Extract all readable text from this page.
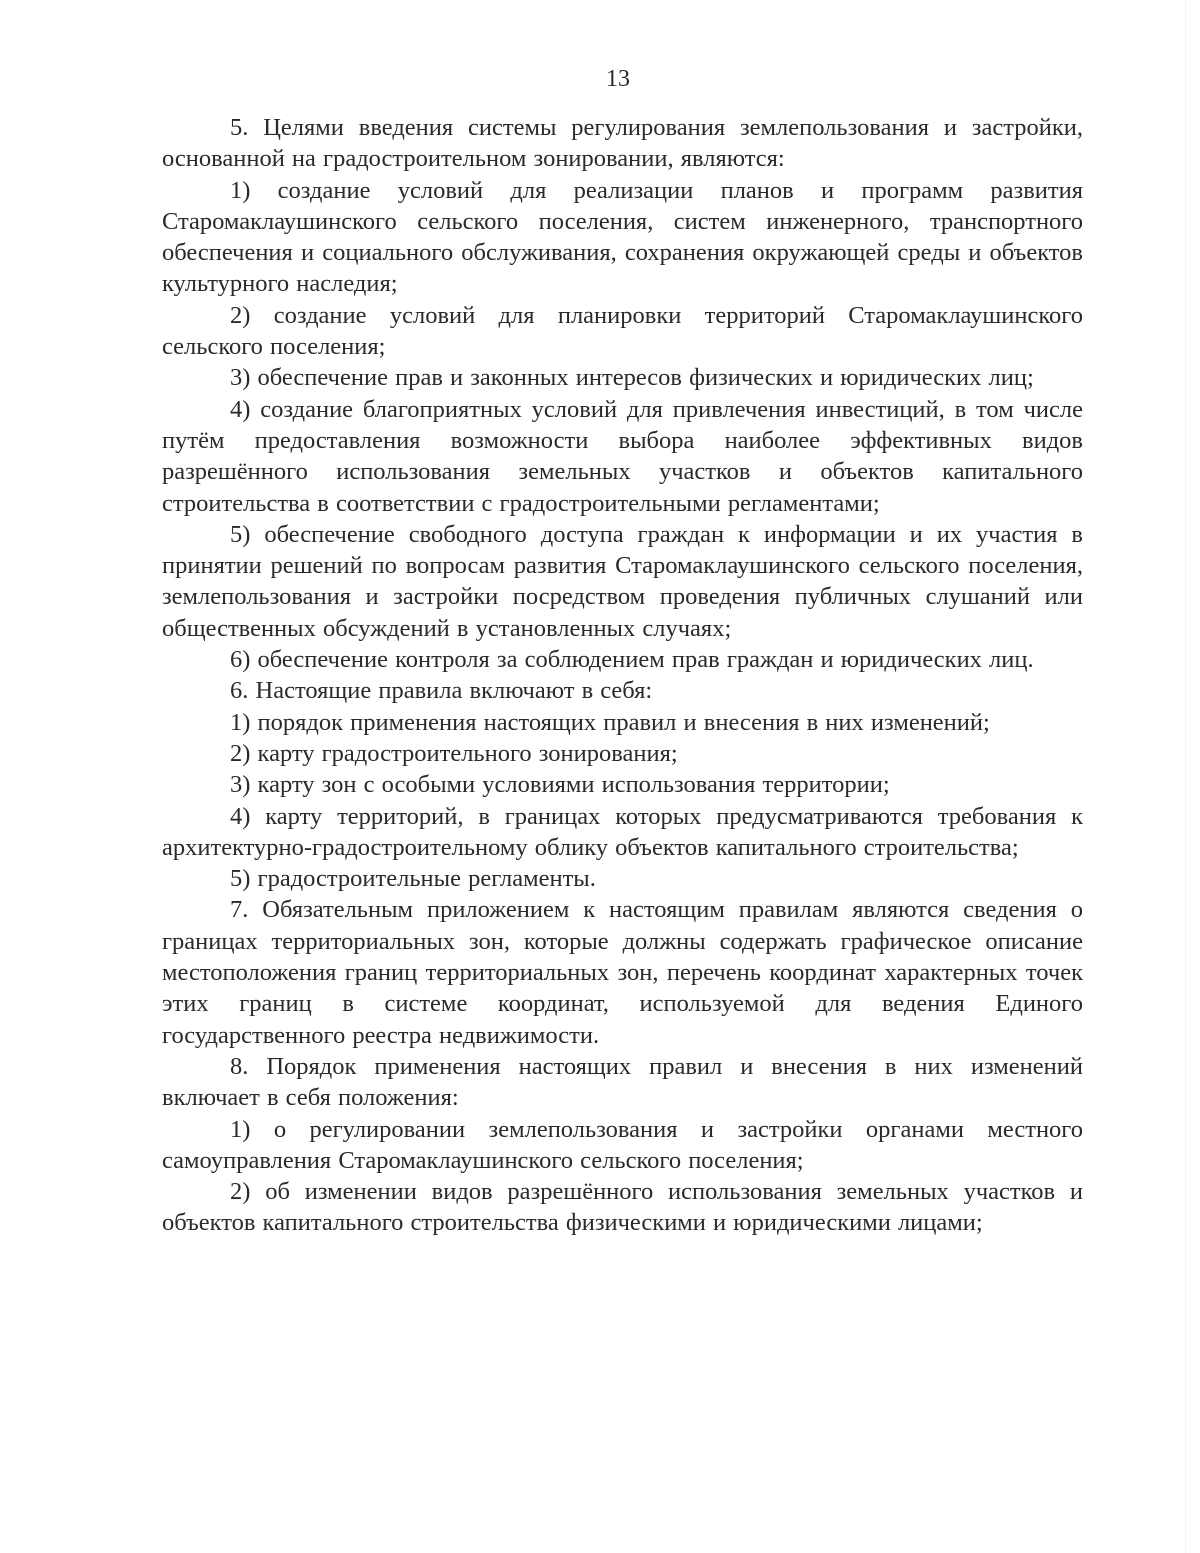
13

5. Целями введения системы регулирования землепользования и застройки, основанной на градостроительном зонировании, являются:

1) создание условий для реализации планов и программ развития Старомаклаушинского сельского поселения, систем инженерного, транспортного обеспечения и социального обслуживания, сохранения окружающей среды и объектов культурного наследия;

2) создание условий для планировки территорий Старомаклаушинского сельского поселения;

3) обеспечение прав и законных интересов физических и юридических лиц;

4) создание благоприятных условий для привлечения инвестиций, в том числе путём предоставления возможности выбора наиболее эффективных видов разрешённого использования земельных участков и объектов капитального строительства в соответствии с градостроительными регламентами;

5) обеспечение свободного доступа граждан к информации и их участия в принятии решений по вопросам развития Старомаклаушинского сельского поселения, землепользования и застройки посредством проведения публичных слушаний или общественных обсуждений в установленных случаях;

6) обеспечение контроля за соблюдением прав граждан и юридических лиц.

6. Настоящие правила включают в себя:

1) порядок применения настоящих правил и внесения в них изменений;

2) карту градостроительного зонирования;

3) карту зон с особыми условиями использования территории;

4) карту территорий, в границах которых предусматриваются требования к архитектурно-градостроительному облику объектов капитального строительства;

5) градостроительные регламенты.

7. Обязательным приложением к настоящим правилам являются сведения о границах территориальных зон, которые должны содержать графическое описание местоположения границ территориальных зон, перечень координат характерных точек этих границ в системе координат, используемой для ведения Единого государственного реестра недвижимости.

8. Порядок применения настоящих правил и внесения в них изменений включает в себя положения:

1) о регулировании землепользования и застройки органами местного самоуправления Старомаклаушинского сельского поселения;

2) об изменении видов разрешённого использования земельных участков и объектов капитального строительства физическими и юридическими лицами;
